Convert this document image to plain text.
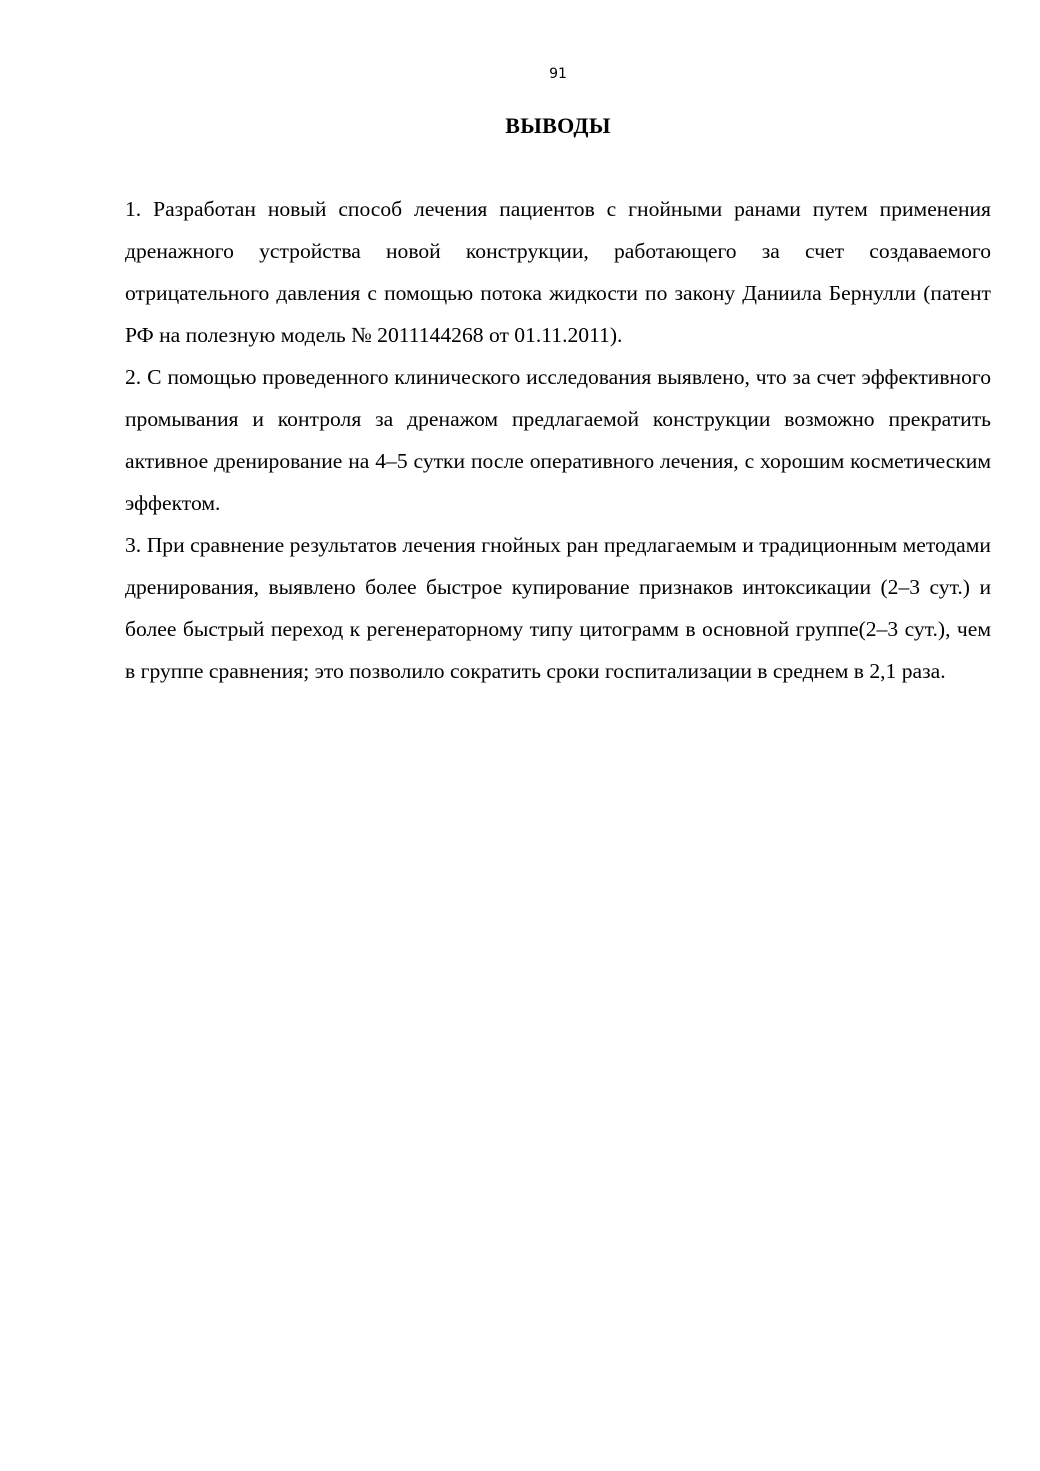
91
ВЫВОДЫ

1. Разработан новый способ лечения пациентов с гнойными ранами путем применения дренажного устройства новой конструкции, работающего за счет создаваемого отрицательного давления с помощью потока жидкости по закону Даниила Бернулли (патент РФ на полезную модель № 2011144268 от 01.11.2011).

2. С помощью проведенного клинического исследования выявлено, что за счет эффективного промывания и контроля за дренажом предлагаемой конструкции возможно прекратить активное дренирование на 4–5 сутки после оперативного лечения, с хорошим косметическим эффектом.

3. При сравнение результатов лечения гнойных ран предлагаемым и традиционным методами дренирования, выявлено более быстрое купирование признаков интоксикации (2–3 сут.) и более быстрый переход к регенераторному типу цитограмм в основной группе(2–3 сут.), чем в группе сравнения; это позволило сократить сроки госпитализации в среднем в 2,1 раза.
